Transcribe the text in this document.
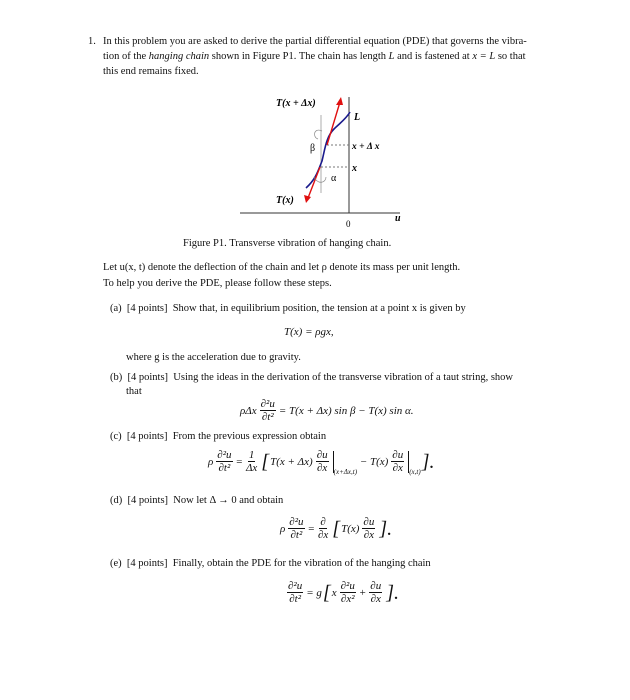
1. In this problem you are asked to derive the partial differential equation (PDE) that governs the vibra-
tion of the hanging chain shown in Figure P1. The chain has length L and is fastened at x = L so that
this end remains fixed.
T(x + Δx)
L
β	x + Δ x
x
α
T(x)
0	u
Figure P1. Transverse vibration of hanging chain.
Let u(x, t) denote the deflection of the chain and let ρ denote its mass per unit length.
To help you derive the PDE, please follow these steps.
(a) [4 points] Show that, in equilibrium position, the tension at a point x is given by
T(x) = ρgx,
where g is the acceleration due to gravity.
(b) [4 points] Using the ideas in the derivation of the transverse vibration of a taut string, show
that
ρΔx $\frac{\text{∂²u}}{\text{∂t²}} = T(x + \Delta x)$ sin β − T(x) sin α.
(c) [4 points] From the previous expression obtain
ρ $\frac{\text{∂²u}}{\text{∂t²}} = \frac{1}{\Delta x}$ [ $T(x + \Delta x) \frac{\partial u}{\partial x} (x+\Delta x,t)$

− $T(x) \frac{\partial u}{\partial x} (x,t)$ ].
(d) [4 points] Now let Δ → 0 and obtain
ρ $\frac{\text{∂²u}}{\text{∂t²}} = \frac{\partial}{\partial x}$ [ $T(x) \frac{\partial u}{\partial x}$ ].
(e) [4 points] Finally, obtain the PDE for the vibration of the hanging chain
$\frac{\text{∂²u}}{\text{∂t²}} = g$ [ x $\frac{\text{∂²u}}{\text{∂x²}} + \frac{\partial u}{\partial x}$ ].
